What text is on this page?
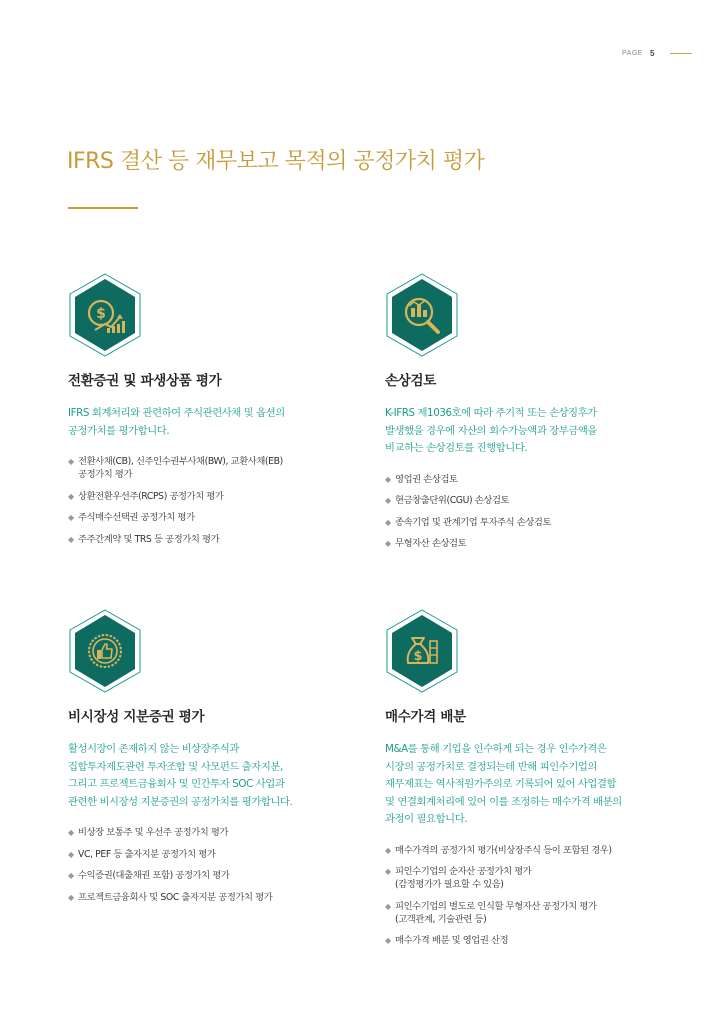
PAGE 5
IFRS 결산 등 재무보고 목적의 공정가치 평가
$
전환증권 및 파생상품 평가
IFRS 회계처리와 관련하여 주식관련사채 및 옵션의
공정가치를 평가합니다.
◆ 전환사채(CB), 신주인수권부사채(BW), 교환사채(EB)
공정가치 평가
◆ 상환전환우선주(RCPS) 공정가치 평가
◆ 주식매수선택권 공정가치 평가
◆ 주주간계약 및 TRS 등 공정가치 평가
손상검토
K-IFRS 제1036호에 따라 주기적 또는 손상징후가
발생했을 경우에 자산의 회수가능액과 장부금액을
비교하는 손상검토를 진행합니다.
◆ 영업권 손상검토
◆ 현금창출단위(CGU) 손상검토
◆ 종속기업 및 관계기업 투자주식 손상검토
◆ 무형자산 손상검토
비시장성 지분증권 평가
활성시장이 존재하지 않는 비상장주식과
집합투자제도관련 투자조합 및 사모펀드 출자지분,
그리고 프로젝트금융회사 및 민간투자 SOC 사업과
관련한 비시장성 지분증권의 공정가치를 평가합니다.
◆ 비상장 보통주 및 우선주 공정가치 평가
◆ VC, PEF 등 출자지분 공정가치 평가
◆ 수익증권(대출채권 포함) 공정가치 평가
◆ 프로젝트금융회사 및 SOC 출자지분 공정가치 평가
$
매수가격 배분
M&A를 통해 기업을 인수하게 되는 경우 인수가격은
시장의 공정가치로 결정되는데 반해 피인수기업의
재무제표는 역사적원가주의로 기록되어 있어 사업결합
및 연결회계처리에 있어 이를 조정하는 매수가격 배분의
과정이 필요합니다.
◆ 매수가격의 공정가치 평가(비상장주식 등이 포함된 경우)
◆ 피인수기업의 순자산 공정가치 평가
(감정평가가 필요할 수 있음)
◆ 피인수기업의 별도로 인식할 무형자산 공정가치 평가
(고객관계, 기술관련 등)
◆ 매수가격 배분 및 영업권 산정
